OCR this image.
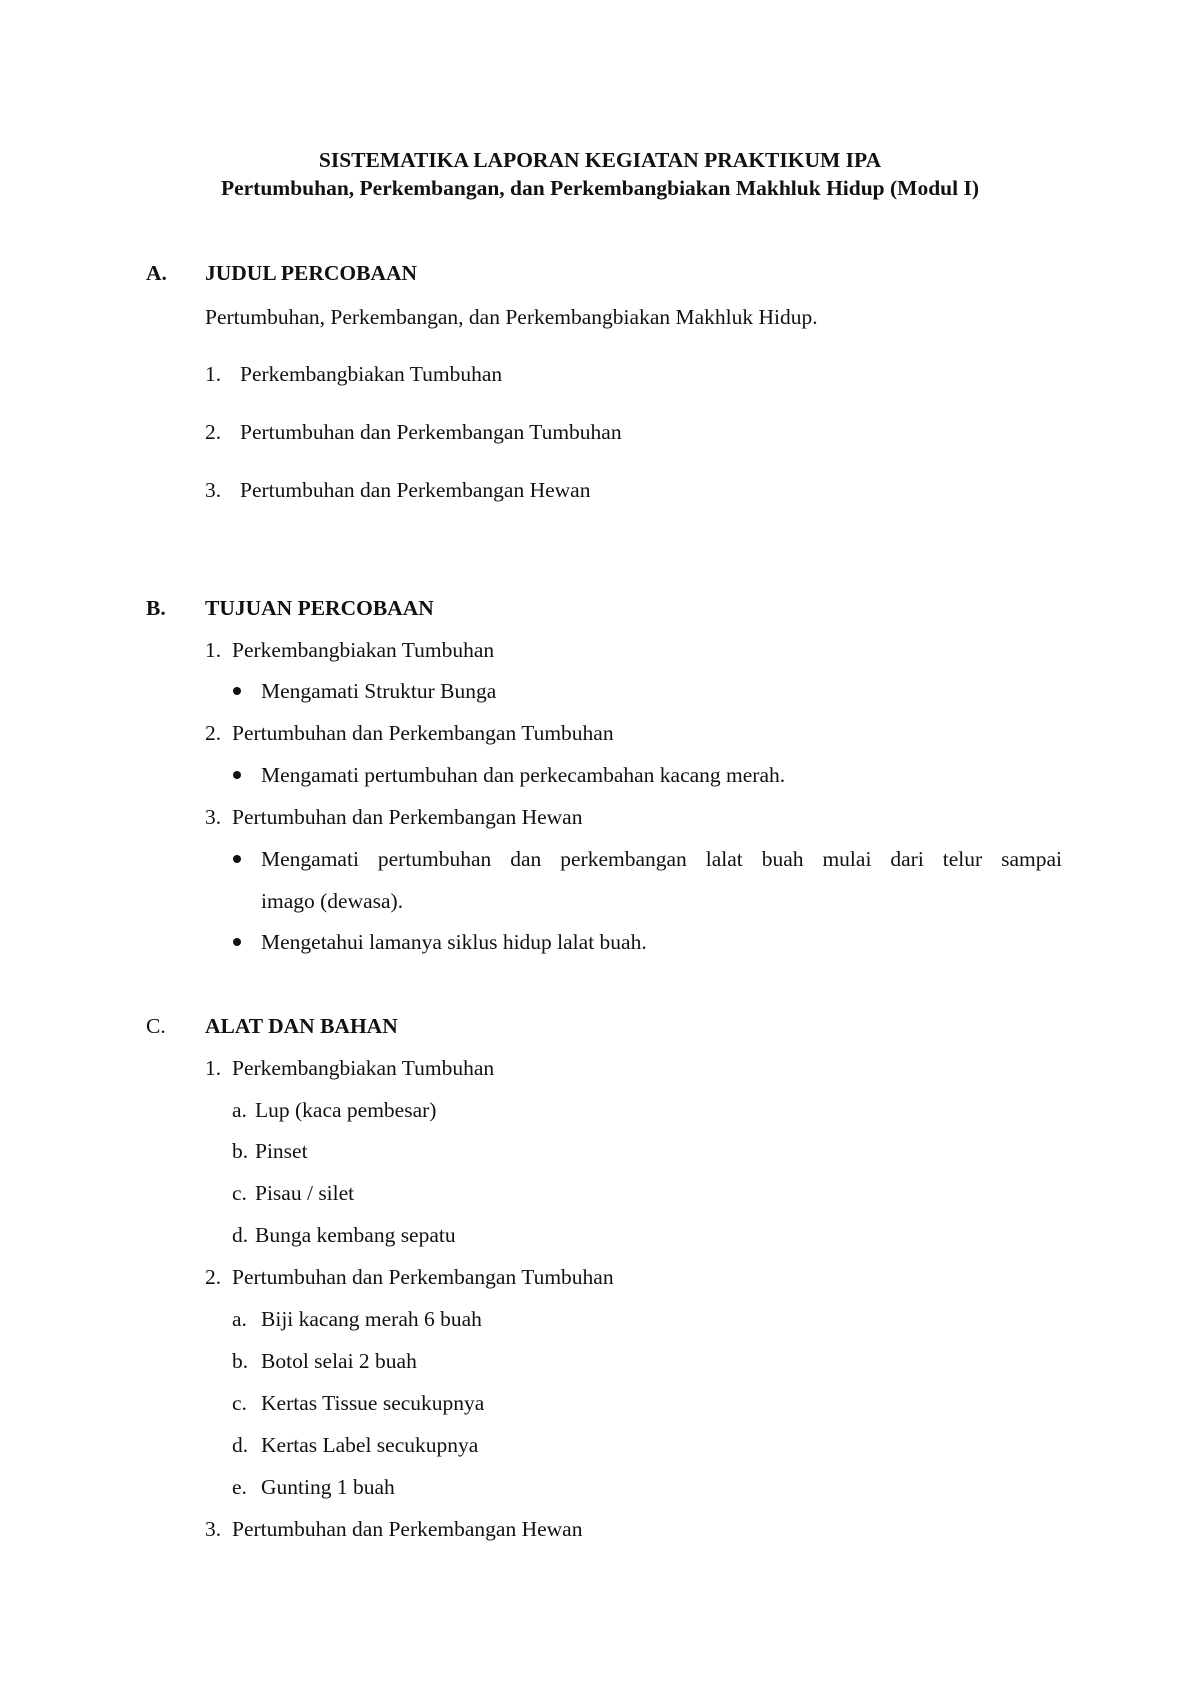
SISTEMATIKA LAPORAN KEGIATAN PRAKTIKUM IPA
Pertumbuhan, Perkembangan, dan Perkembangbiakan Makhluk Hidup (Modul I)
A. JUDUL PERCOBAAN
Pertumbuhan, Perkembangan, dan Perkembangbiakan Makhluk Hidup.
1. Perkembangbiakan Tumbuhan
2. Pertumbuhan dan Perkembangan Tumbuhan
3. Pertumbuhan dan Perkembangan Hewan
B. TUJUAN PERCOBAAN
1. Perkembangbiakan Tumbuhan
Mengamati Struktur Bunga
2. Pertumbuhan dan Perkembangan Tumbuhan
Mengamati pertumbuhan dan perkecambahan kacang merah.
3. Pertumbuhan dan Perkembangan Hewan
Mengamati pertumbuhan dan perkembangan lalat buah mulai dari telur sampai
imago (dewasa).
Mengetahui lamanya siklus hidup lalat buah.
C. ALAT DAN BAHAN
1. Perkembangbiakan Tumbuhan
a. Lup (kaca pembesar)
b. Pinset
c. Pisau / silet
d. Bunga kembang sepatu
2. Pertumbuhan dan Perkembangan Tumbuhan
a. Biji kacang merah 6 buah
b. Botol selai 2 buah
c. Kertas Tissue secukupnya
d. Kertas Label secukupnya
e. Gunting 1 buah
3. Pertumbuhan dan Perkembangan Hewan
